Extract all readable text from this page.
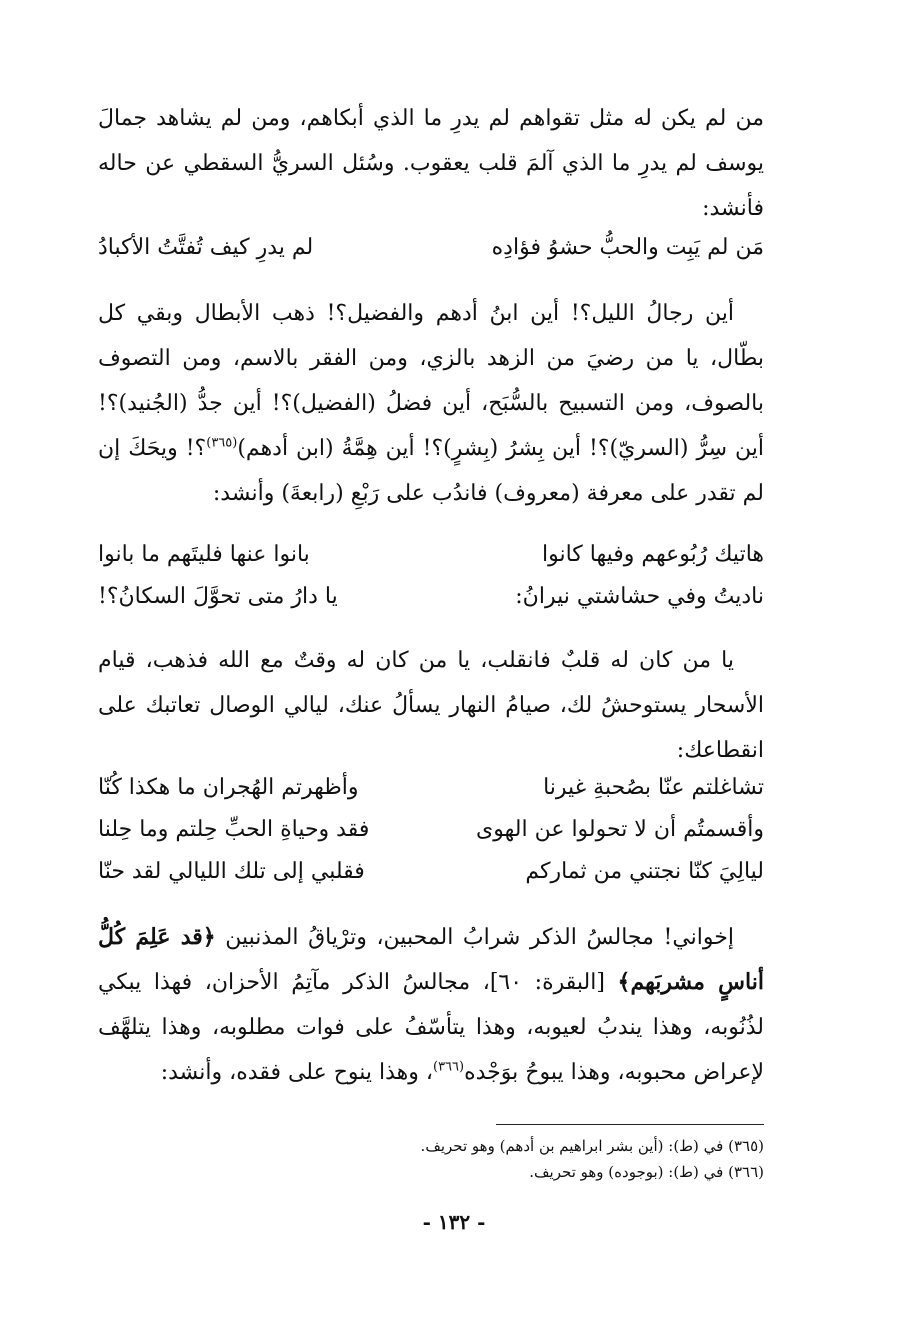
من لم يكن له مثل تقواهم لم يدرِ ما الذي أبكاهم، ومن لم يشاهد جمالَ يوسف لم يدرِ ما الذي آلمَ قلب يعقوب. وسُئل السريُّ السقطي عن حاله فأنشد:

مَن لم يَبِت والحبُّ حشوُ فؤادِه
لم يدرِ كيف تُفتَّتُ الأكبادُ

أين رجالُ الليل؟! أين ابنُ أدهم والفضيل؟! ذهب الأبطال وبقي كل بطّال، يا من رضيَ من الزهد بالزي، ومن الفقر بالاسم، ومن التصوف بالصوف، ومن التسبيح بالسُّبَح، أين فضلُ (الفضيل)؟! أين جدُّ (الجُنيد)؟! أين سِرُّ (السريّ)؟! أين بِشرُ (بِشرٍ)؟! أين هِمَّةُ (ابن أدهم)$^{(٣٦٥)}$؟! ويحَكَ إن لم تقدر على معرفة (معروف) فاندُب على رَبْعِ (رابعةَ) وأنشد:

هاتيك رُبُوعهم وفيها كانوا
بانوا عنها فليتَهم ما بانوا
ناديتُ وفي حشاشتي نيرانُ:
يا دارُ متى تحوَّلَ السكانُ؟!

يا من كان له قلبٌ فانقلب، يا من كان له وقتٌ مع الله فذهب، قيام الأسحار يستوحشُ لك، صيامُ النهار يسألُ عنك، ليالي الوصال تعاتبك على انقطاعك:

تشاغلتم عنّا بصُحبةِ غيرنا
وأظهرتم الهُجران ما هكذا كُنّا
وأقسمتُم أن لا تحولوا عن الهوى
فقد وحياةِ الحبِّ حِلتم وما حِلنا
ليالِيَ كنّا نجتني من ثماركم
فقلبي إلى تلك الليالي لقد حنّا

إخواني! مجالسُ الذكر شرابُ المحبين، وترْياقُ المذنبين ﴿قد عَلِمَ كُلُّ أناسٍ مشربَهم﴾ [البقرة: ٦٠]، مجالسُ الذكر مآتِمُ الأحزان، فهذا يبكي لذُنُوبه، وهذا يندبُ لعيوبه، وهذا يتأسّفُ على فوات مطلوبه، وهذا يتلهَّف لإعراض محبوبه، وهذا يبوحُ بوَجْده$^{(٣٦٦)}$، وهذا ينوح على فقده، وأنشد:

(٣٦٥) في (ط): (أين بشر ابراهيم بن أدهم) وهو تحريف.
(٣٦٦) في (ط): (بوجوده) وهو تحريف.
- ١٣٢ -
